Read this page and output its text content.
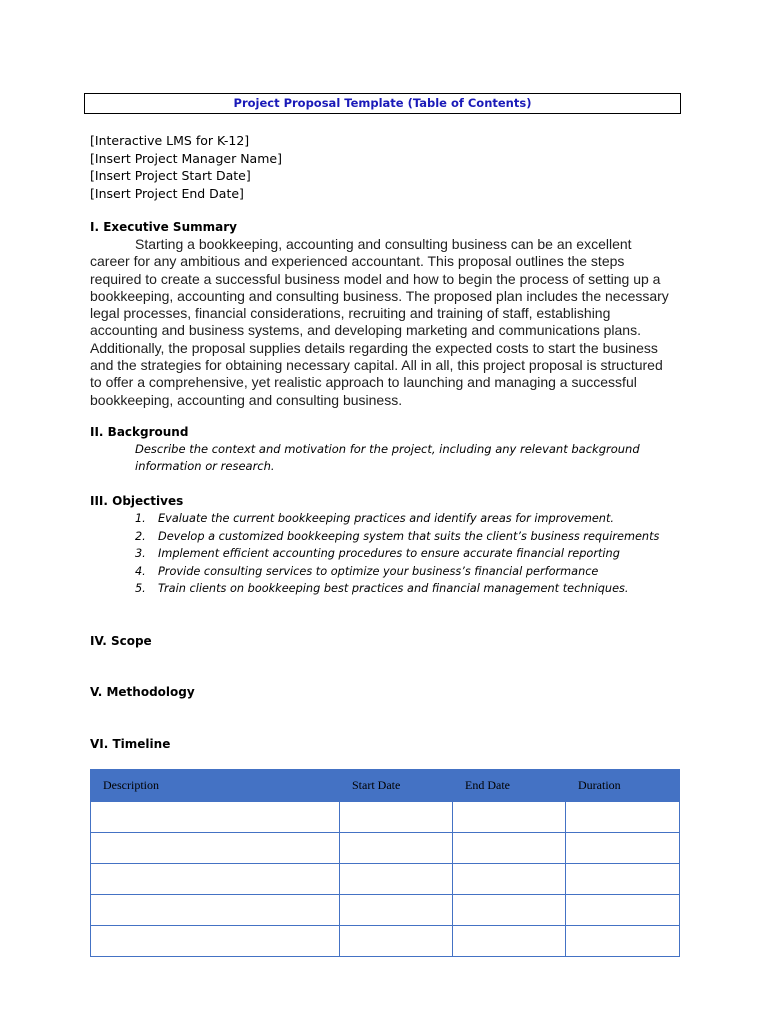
Project Proposal Template (Table of Contents)
[Interactive LMS for K-12]
[Insert Project Manager Name]
[Insert Project Start Date]
[Insert Project End Date]
I. Executive Summary

Starting a bookkeeping, accounting and consulting business can be an excellent career for any ambitious and experienced accountant. This proposal outlines the steps required to create a successful business model and how to begin the process of setting up a bookkeeping, accounting and consulting business. The proposed plan includes the necessary legal processes, financial considerations, recruiting and training of staff, establishing accounting and business systems, and developing marketing and communications plans. Additionally, the proposal supplies details regarding the expected costs to start the business and the strategies for obtaining necessary capital. All in all, this project proposal is structured to offer a comprehensive, yet realistic approach to launching and managing a successful bookkeeping, accounting and consulting business.

II. Background
Describe the context and motivation for the project, including any relevant background information or research.
III. Objectives
1. Evaluate the current bookkeeping practices and identify areas for improvement.
2. Develop a customized bookkeeping system that suits the client’s business requirements
3. Implement efficient accounting procedures to ensure accurate financial reporting
4. Provide consulting services to optimize your business’s financial performance
5. Train clients on bookkeeping best practices and financial management techniques.
IV. Scope
V. Methodology
VI. Timeline
Description	Start Date	End Date	Duration
